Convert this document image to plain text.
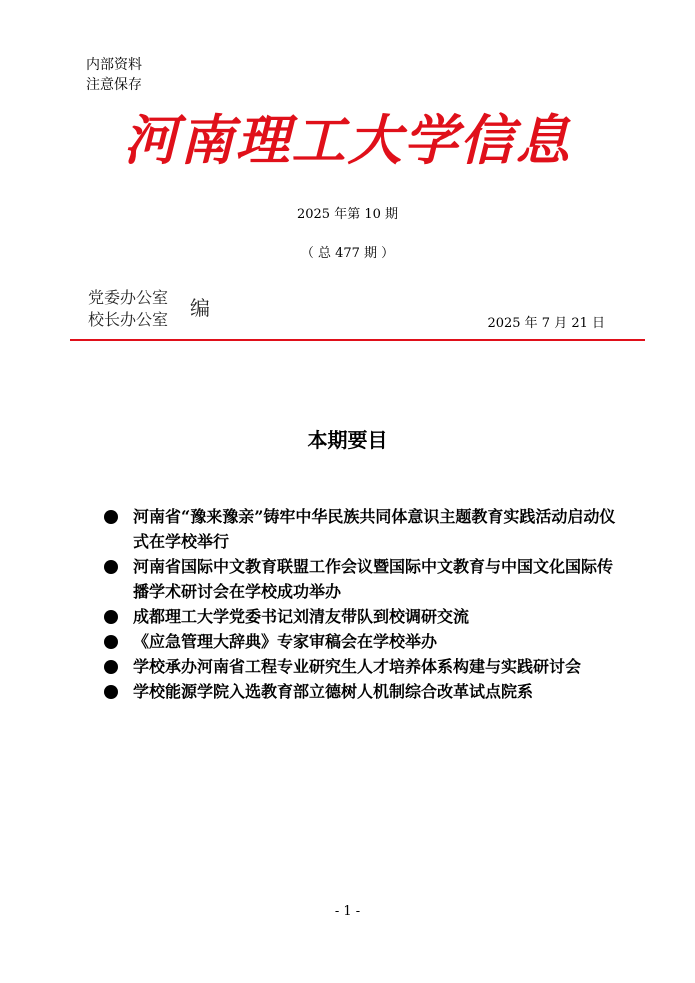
内部资料
注意保存
河南理工大学信息
2025 年第 10 期
（ 总 477 期 ）
党委办公室
校长办公室 编
2025 年 7 月 21 日
本期要目
河南省“豫来豫亲”铸牢中华民族共同体意识主题教育实践活动启动仪式在学校举行
河南省国际中文教育联盟工作会议暨国际中文教育与中国文化国际传播学术研讨会在学校成功举办
成都理工大学党委书记刘清友带队到校调研交流
《应急管理大辞典》专家审稿会在学校举办
学校承办河南省工程专业研究生人才培养体系构建与实践研讨会
学校能源学院入选教育部立德树人机制综合改革试点院系
- 1 -
